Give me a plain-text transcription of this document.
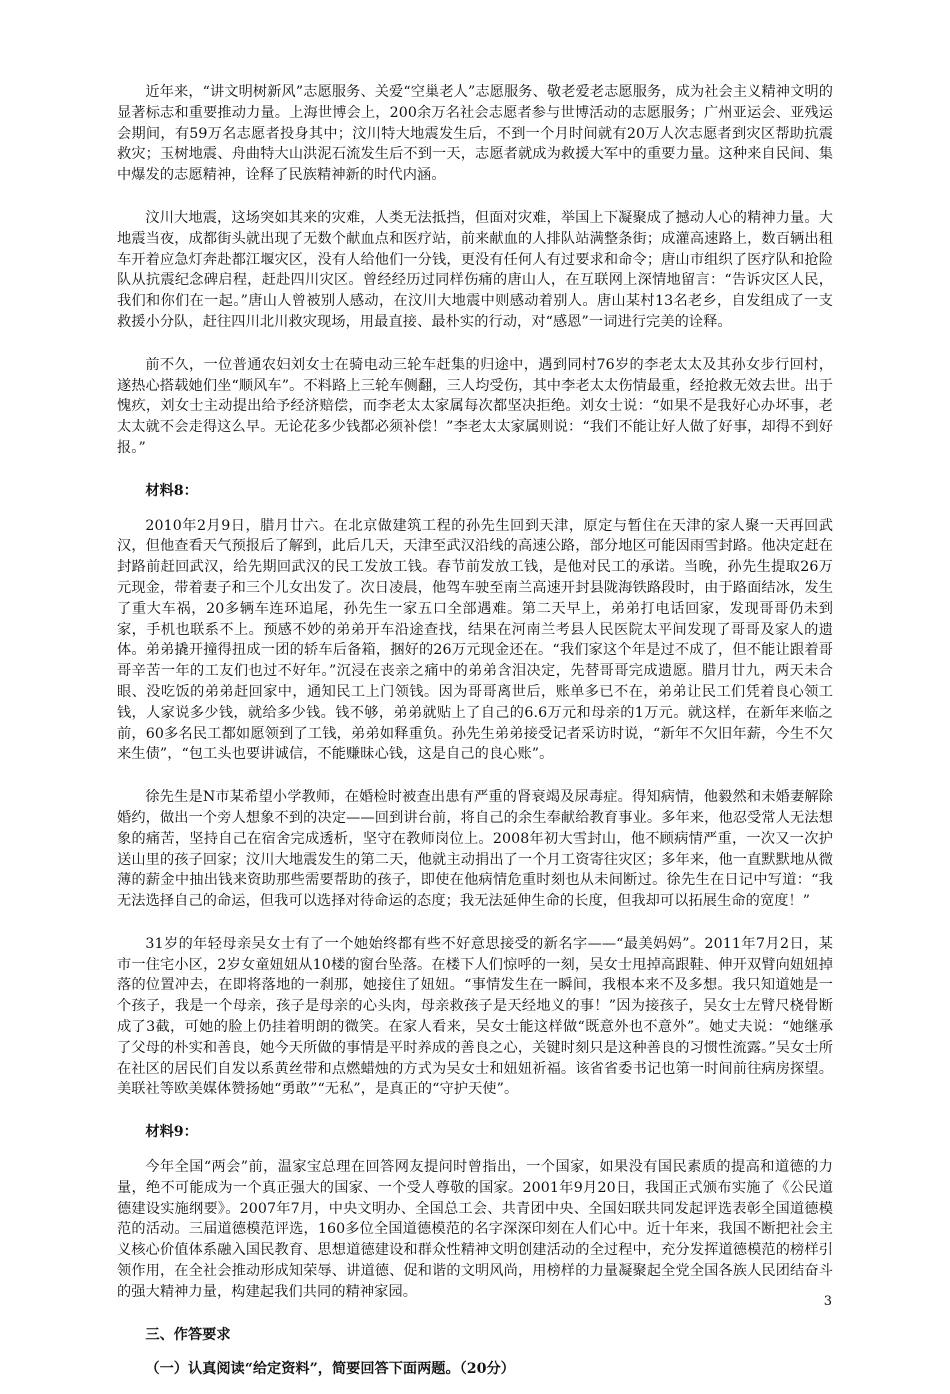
近年来，“讲文明树新风”志愿服务、关爱“空巢老人”志愿服务、敬老爱老志愿服务，成为社会主义精神文明的显著标志和重要推动力量。上海世博会上，200余万名社会志愿者参与世博活动的志愿服务；广州亚运会、亚残运会期间，有59万名志愿者投身其中；汶川特大地震发生后，不到一个月时间就有20万人次志愿者到灾区帮助抗震救灾；玉树地震、舟曲特大山洪泥石流发生后不到一天，志愿者就成为救援大军中的重要力量。这种来自民间、集中爆发的志愿精神，诠释了民族精神新的时代内涵。

汶川大地震，这场突如其来的灾难，人类无法抵挡，但面对灾难，举国上下凝聚成了撼动人心的精神力量。大地震当夜，成都街头就出现了无数个献血点和医疗站，前来献血的人排队站满整条街；成灌高速路上，数百辆出租车开着应急灯奔赴都江堰灾区，没有人给他们一分钱，更没有任何人有过要求和命令；唐山市组织了医疗队和抢险队从抗震纪念碑启程，赶赴四川灾区。曾经经历过同样伤痛的唐山人，在互联网上深情地留言：“告诉灾区人民，我们和你们在一起。”唐山人曾被别人感动，在汶川大地震中则感动着别人。唐山某村13名老乡，自发组成了一支救援小分队，赶往四川北川救灾现场，用最直接、最朴实的行动，对“感恩”一词进行完美的诠释。

前不久，一位普通农妇刘女士在骑电动三轮车赶集的归途中，遇到同村76岁的李老太太及其孙女步行回村，遂热心搭载她们坐“顺风车”。不料路上三轮车侧翻，三人均受伤，其中李老太太伤情最重，经抢救无效去世。出于愧疚，刘女士主动提出给予经济赔偿，而李老太太家属每次都坚决拒绝。刘女士说：“如果不是我好心办坏事，老太太就不会走得这么早。无论花多少钱都必须补偿！”李老太太家属则说：“我们不能让好人做了好事，却得不到好报。”

材料8：

2010年2月9日，腊月廿六。在北京做建筑工程的孙先生回到天津，原定与暂住在天津的家人聚一天再回武汉，但他查看天气预报后了解到，此后几天，天津至武汉沿线的高速公路，部分地区可能因雨雪封路。他决定赶在封路前赶回武汉，给先期回武汉的民工发放工钱。春节前发放工钱，是他对民工的承诺。当晚，孙先生提取26万元现金，带着妻子和三个儿女出发了。次日凌晨，他驾车驶至南兰高速开封县陇海铁路段时，由于路面结冰，发生了重大车祸，20多辆车连环追尾，孙先生一家五口全部遇难。第二天早上，弟弟打电话回家，发现哥哥仍未到家，手机也联系不上。预感不妙的弟弟开车沿途查找，结果在河南兰考县人民医院太平间发现了哥哥及家人的遗体。弟弟撬开撞得扭成一团的轿车后备箱，捆好的26万元现金还在。“我们家这个年是过不成了，但不能让跟着哥哥辛苦一年的工友们也过不好年。”沉浸在丧亲之痛中的弟弟含泪决定，先替哥哥完成遗愿。腊月廿九，两天未合眼、没吃饭的弟弟赶回家中，通知民工上门领钱。因为哥哥离世后，账单多已不在，弟弟让民工们凭着良心领工钱，人家说多少钱，就给多少钱。钱不够，弟弟就贴上了自己的6.6万元和母亲的1万元。就这样，在新年来临之前，60多名民工都如愿领到了工钱，弟弟如释重负。孙先生弟弟接受记者采访时说，“新年不欠旧年薪，今生不欠来生债”，“包工头也要讲诚信，不能赚昧心钱，这是自己的良心账”。

徐先生是N市某希望小学教师，在婚检时被查出患有严重的肾衰竭及尿毒症。得知病情，他毅然和未婚妻解除婚约，做出一个旁人想象不到的决定——回到讲台前，将自己的余生奉献给教育事业。多年来，他忍受常人无法想象的痛苦，坚持自己在宿舍完成透析，坚守在教师岗位上。2008年初大雪封山，他不顾病情严重，一次又一次护送山里的孩子回家；汶川大地震发生的第二天，他就主动捐出了一个月工资寄往灾区；多年来，他一直默默地从微薄的薪金中抽出钱来资助那些需要帮助的孩子，即使在他病情危重时刻也从未间断过。徐先生在日记中写道：“我无法选择自己的命运，但我可以选择对待命运的态度；我无法延伸生命的长度，但我却可以拓展生命的宽度！”

31岁的年轻母亲吴女士有了一个她始终都有些不好意思接受的新名字——“最美妈妈”。2011年7月2日，某市一住宅小区，2岁女童妞妞从10楼的窗台坠落。在楼下人们惊呼的一刻，吴女士甩掉高跟鞋、伸开双臂向妞妞掉落的位置冲去，在即将落地的一刹那，她接住了妞妞。“事情发生在一瞬间，我根本来不及多想。我只知道她是一个孩子，我是一个母亲，孩子是母亲的心头肉，母亲救孩子是天经地义的事！”因为接孩子，吴女士左臂尺桡骨断成了3截，可她的脸上仍挂着明朗的微笑。在家人看来，吴女士能这样做“既意外也不意外”。她丈夫说：“她继承了父母的朴实和善良，她今天所做的事情是平时养成的善良之心，关键时刻只是这种善良的习惯性流露。”吴女士所在社区的居民们自发以系黄丝带和点燃蜡烛的方式为吴女士和妞妞祈福。该省省委书记也第一时间前往病房探望。美联社等欧美媒体赞扬她“勇敢”“无私”，是真正的“守护天使”。

材料9：

今年全国“两会”前，温家宝总理在回答网友提问时曾指出，一个国家，如果没有国民素质的提高和道德的力量，绝不可能成为一个真正强大的国家、一个受人尊敬的国家。2001年9月20日，我国正式颁布实施了《公民道德建设实施纲要》。2007年7月，中央文明办、全国总工会、共青团中央、全国妇联共同发起评选表彰全国道德模范的活动。三届道德模范评选，160多位全国道德模范的名字深深印刻在人们心中。近十年来，我国不断把社会主义核心价值体系融入国民教育、思想道德建设和群众性精神文明创建活动的全过程中，充分发挥道德模范的榜样引领作用，在全社会推动形成知荣辱、讲道德、促和谐的文明风尚，用榜样的力量凝聚起全党全国各族人民团结奋斗的强大精神力量，构建起我们共同的精神家园。

三、作答要求
（一）认真阅读“给定资料”，简要回答下面两题。（20分）
3
